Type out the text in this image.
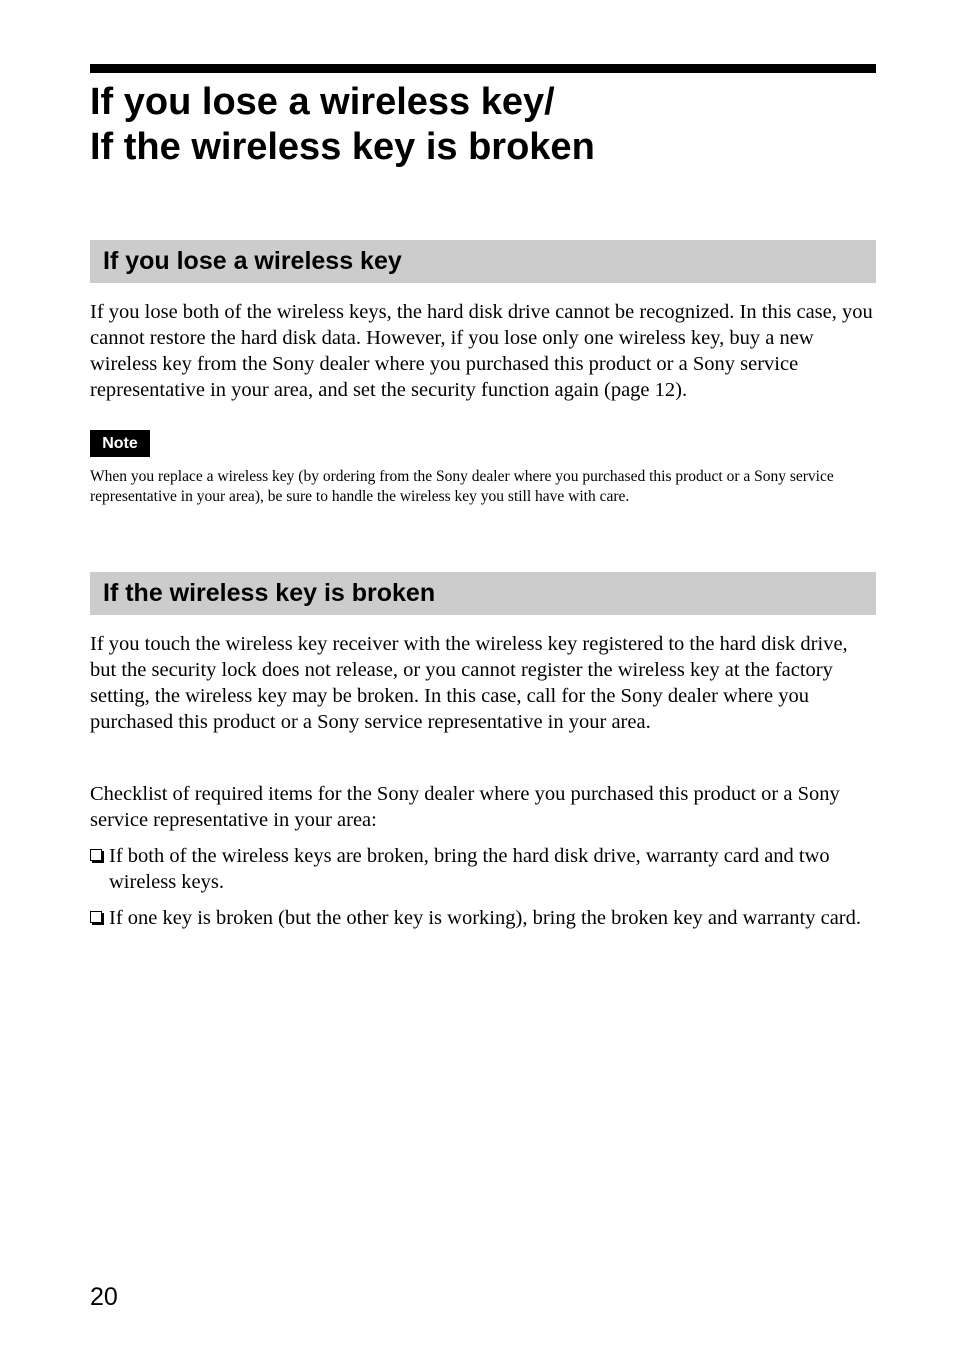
If you lose a wireless key/
If the wireless key is broken
If you lose a wireless key

If you lose both of the wireless keys, the hard disk drive cannot be recognized. In this case, you cannot restore the hard disk data. However, if you lose only one wireless key, buy a new wireless key from the Sony dealer where you purchased this product or a Sony service representative in your area, and set the security function again (page 12).

Note

When you replace a wireless key (by ordering from the Sony dealer where you purchased this product or a Sony service representative in your area), be sure to handle the wireless key you still have with care.

If the wireless key is broken

If you touch the wireless key receiver with the wireless key registered to the hard disk drive, but the security lock does not release, or you cannot register the wireless key at the factory setting, the wireless key may be broken. In this case, call for the Sony dealer where you purchased this product or a Sony service representative in your area.

Checklist of required items for the Sony dealer where you purchased this product or a Sony service representative in your area:

If both of the wireless keys are broken, bring the hard disk drive, warranty card and two wireless keys.
If one key is broken (but the other key is working), bring the broken key and warranty card.

20
